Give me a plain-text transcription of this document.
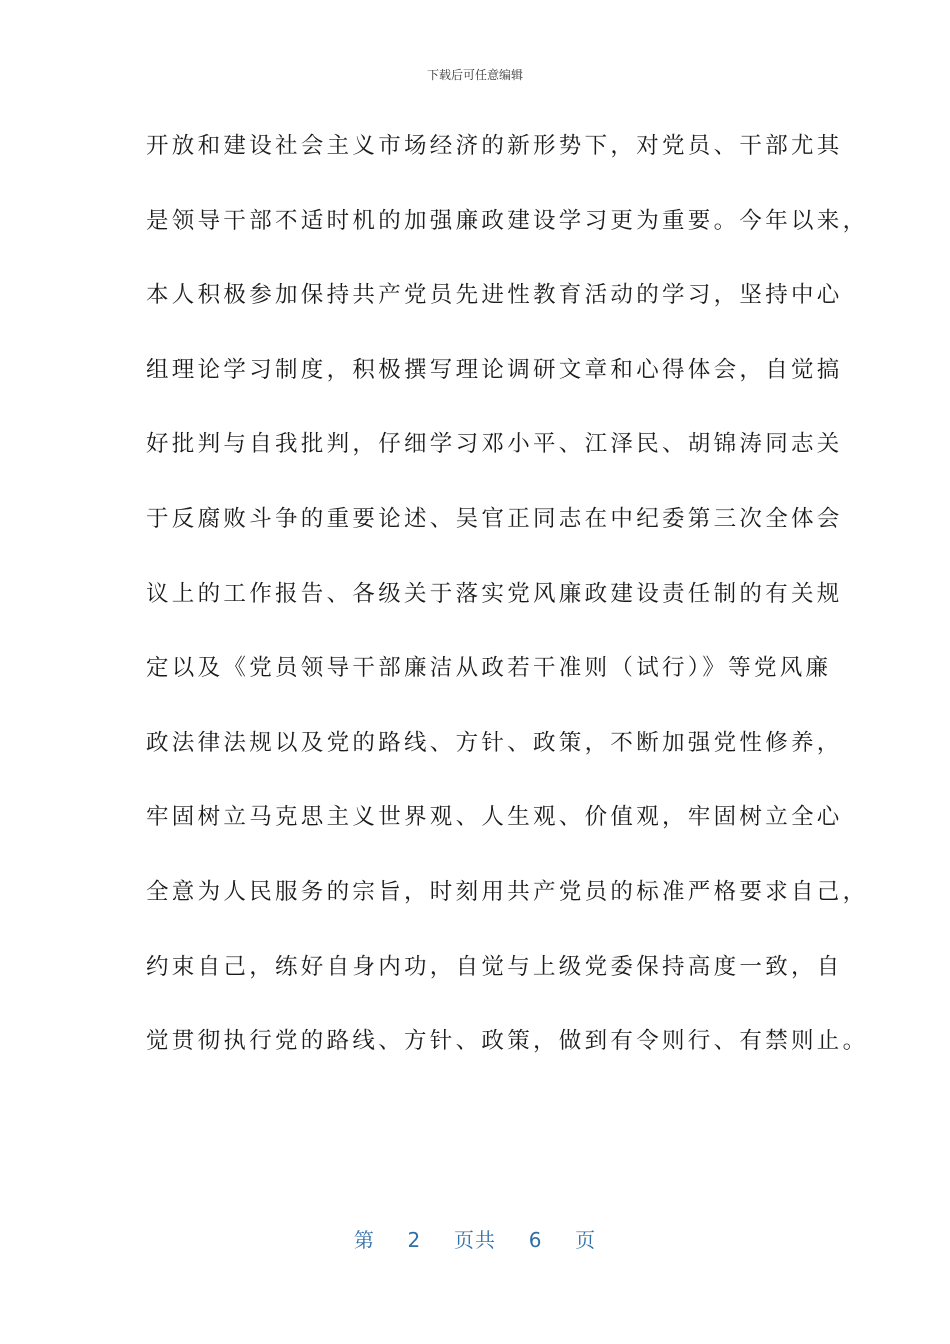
下载后可任意编辑
开放和建设社会主义市场经济的新形势下，对党员、干部尤其
是领导干部不适时机的加强廉政建设学习更为重要。今年以来，
本人积极参加保持共产党员先进性教育活动的学习，坚持中心
组理论学习制度，积极撰写理论调研文章和心得体会，自觉搞
好批判与自我批判，仔细学习邓小平、江泽民、胡锦涛同志关
于反腐败斗争的重要论述、吴官正同志在中纪委第三次全体会
议上的工作报告、各级关于落实党风廉政建设责任制的有关规
定以及《党员领导干部廉洁从政若干准则（试行）》等党风廉
政法律法规以及党的路线、方针、政策，不断加强党性修养，
牢固树立马克思主义世界观、人生观、价值观，牢固树立全心
全意为人民服务的宗旨，时刻用共产党员的标准严格要求自己，
约束自己，练好自身内功，自觉与上级党委保持高度一致，自
觉贯彻执行党的路线、方针、政策，做到有令则行、有禁则止。
第 2 页共 6 页
